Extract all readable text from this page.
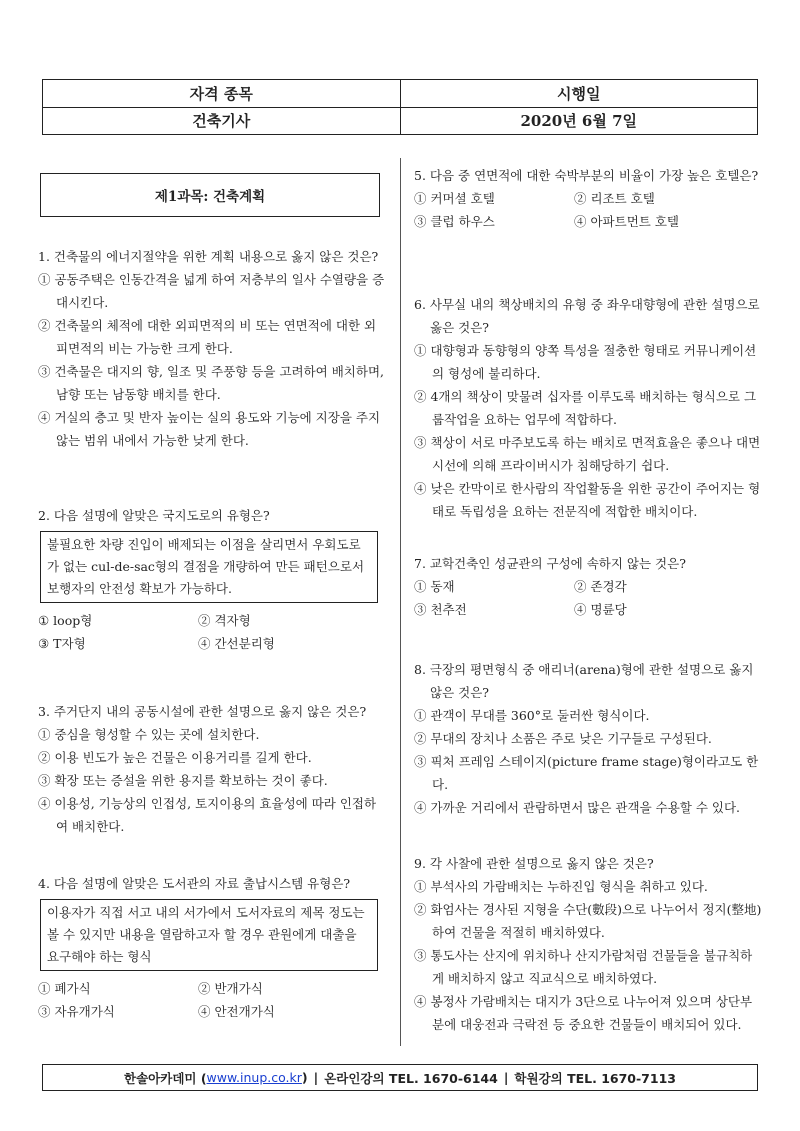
자격 종목	시행일
건축기사	2020년 6월 7일
제1과목: 건축계획
1. 건축물의 에너지절약을 위한 계획 내용으로 옳지 않은 것은?
① 공동주택은 인동간격을 넓게 하여 저층부의 일사 수열량을 증대시킨다.
② 건축물의 체적에 대한 외피면적의 비 또는 연면적에 대한 외피면적의 비는 가능한 크게 한다.
③ 건축물은 대지의 향, 일조 및 주풍향 등을 고려하여 배치하며, 남향 또는 남동향 배치를 한다.
④ 거실의 층고 및 반자 높이는 실의 용도와 기능에 지장을 주지 않는 범위 내에서 가능한 낮게 한다.
2. 다음 설명에 알맞은 국지도로의 유형은?
불필요한 차량 진입이 배제되는 이점을 살리면서 우회도로가 없는 cul-de-sac형의 결점을 개량하여 만든 패턴으로서 보행자의 안전성 확보가 가능하다.
① loop형	② 격자형
③ T자형	④ 간선분리형
3. 주거단지 내의 공동시설에 관한 설명으로 옳지 않은 것은?
① 중심을 형성할 수 있는 곳에 설치한다.
② 이용 빈도가 높은 건물은 이용거리를 길게 한다.
③ 확장 또는 증설을 위한 용지를 확보하는 것이 좋다.
④ 이용성, 기능상의 인접성, 토지이용의 효율성에 따라 인접하여 배치한다.
4. 다음 설명에 알맞은 도서관의 자료 출납시스템 유형은?
이용자가 직접 서고 내의 서가에서 도서자료의 제목 정도는 볼 수 있지만 내용을 열람하고자 할 경우 관원에게 대출을 요구해야 하는 형식
① 폐가식	② 반개가식
③ 자유개가식	④ 안전개가식
5. 다음 중 연면적에 대한 숙박부분의 비율이 가장 높은 호텔은?
① 커머셜 호텔	② 리조트 호텔
③ 클럽 하우스	④ 아파트먼트 호텔
6. 사무실 내의 책상배치의 유형 중 좌우대향형에 관한 설명으로 옳은 것은?
① 대향형과 동향형의 양쪽 특성을 절충한 형태로 커뮤니케이션의 형성에 불리하다.
② 4개의 책상이 맞물려 십자를 이루도록 배치하는 형식으로 그룹작업을 요하는 업무에 적합하다.
③ 책상이 서로 마주보도록 하는 배치로 면적효율은 좋으나 대면 시선에 의해 프라이버시가 침해당하기 쉽다.
④ 낮은 칸막이로 한사람의 작업활동을 위한 공간이 주어지는 형태로 독립성을 요하는 전문직에 적합한 배치이다.
7. 교학건축인 성균관의 구성에 속하지 않는 것은?
① 동재	② 존경각
③ 천추전	④ 명륜당
8. 극장의 평면형식 중 애리너(arena)형에 관한 설명으로 옳지 않은 것은?
① 관객이 무대를 360°로 둘러싼 형식이다.
② 무대의 장치나 소품은 주로 낮은 기구들로 구성된다.
③ 픽처 프레임 스테이지(picture frame stage)형이라고도 한다.
④ 가까운 거리에서 관람하면서 많은 관객을 수용할 수 있다.
9. 각 사찰에 관한 설명으로 옳지 않은 것은?
① 부석사의 가람배치는 누하진입 형식을 취하고 있다.
② 화엄사는 경사된 지형을 수단(數段)으로 나누어서 정지(整地)하여 건물을 적절히 배치하였다.
③ 통도사는 산지에 위치하나 산지가람처럼 건물들을 불규칙하게 배치하지 않고 직교식으로 배치하였다.
④ 봉정사 가람배치는 대지가 3단으로 나누어져 있으며 상단부분에 대웅전과 극락전 등 중요한 건물들이 배치되어 있다.
한솔아카데미 ( www.inup.co.kr ) | 온라인강의 TEL. 1670-6144 | 학원강의 TEL. 1670-7113
